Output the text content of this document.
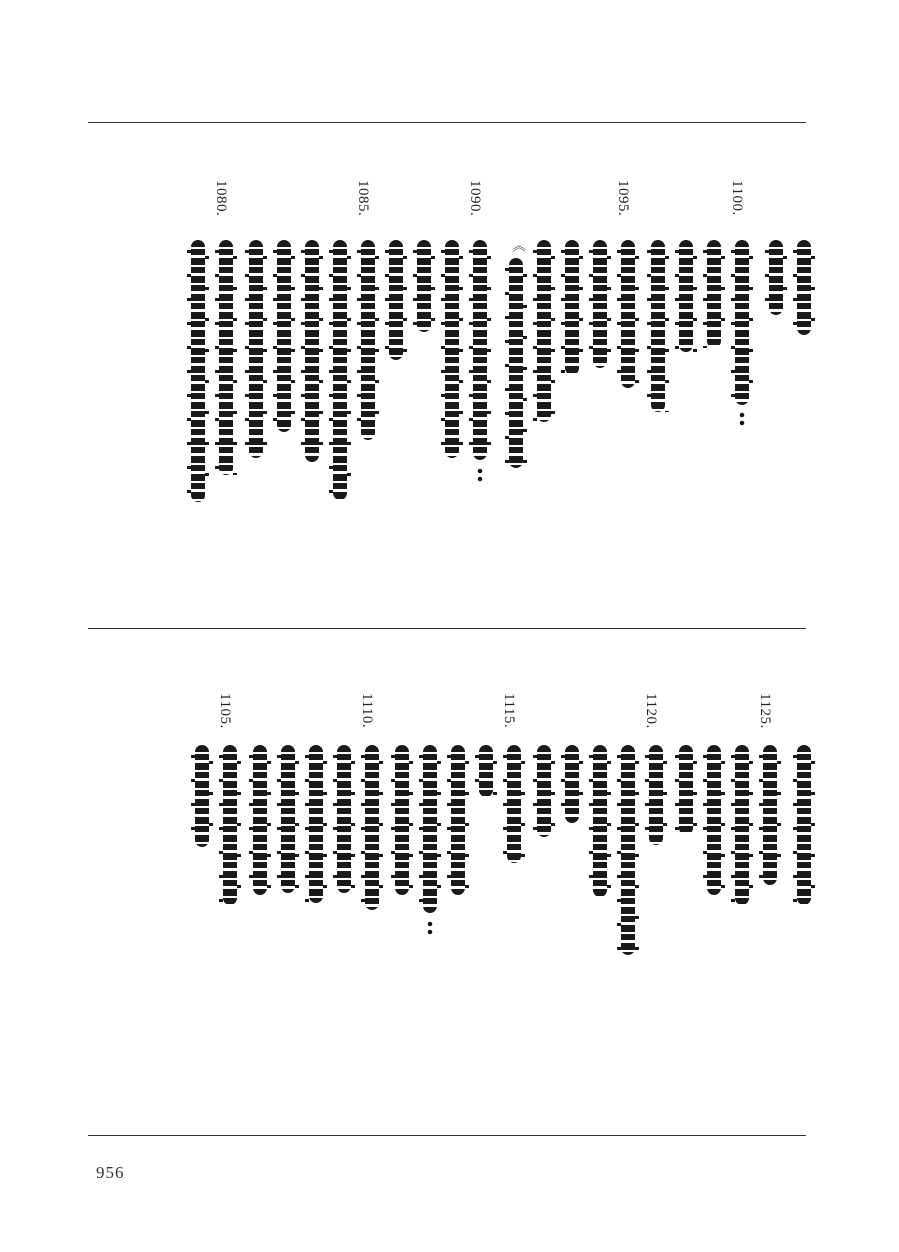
1100.
1095.
《
1090.
1085.
1080.
1125.
1120.
1115.
1110.
1105.
956
